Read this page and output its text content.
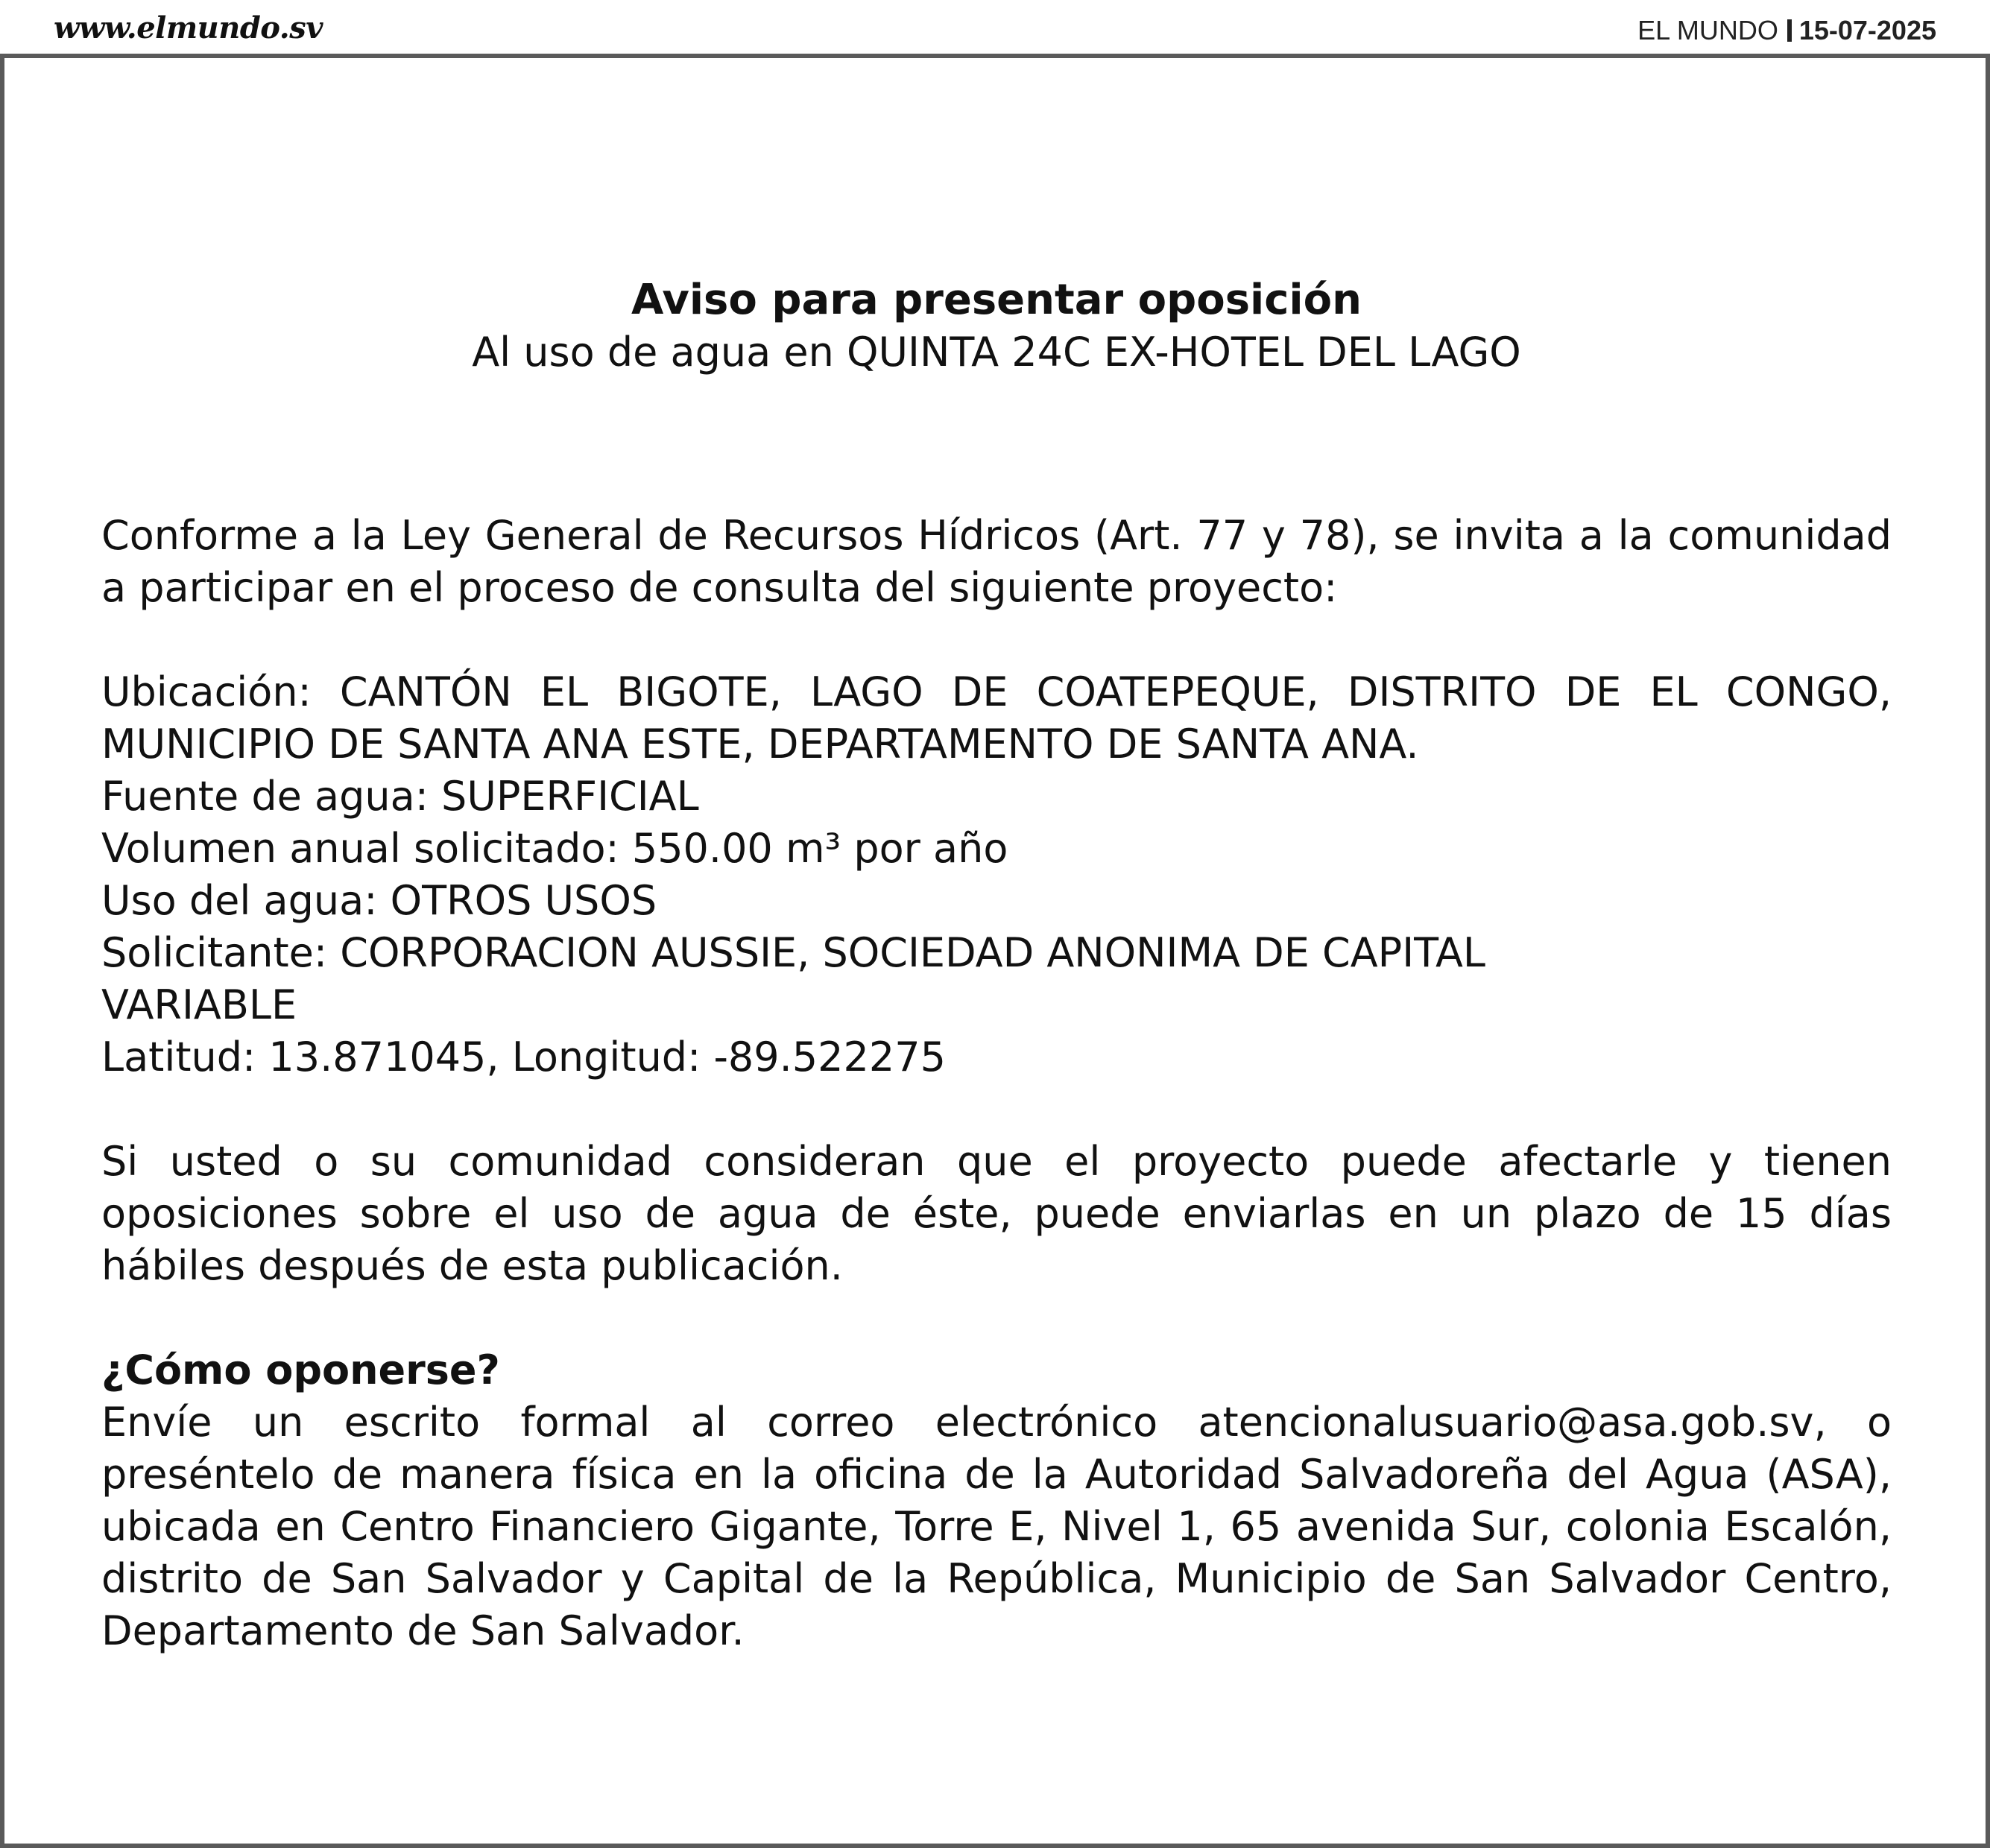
www.elmundo.sv	EL MUNDO 15-07-2025

Aviso para presentar oposición

Al uso de agua en QUINTA 24C EX-HOTEL DEL LAGO

Conforme a la Ley General de Recursos Hídricos (Art. 77 y 78), se invita a la comunidad a participar en el proceso de consulta del siguiente proyecto:

Ubicación: CANTÓN EL BIGOTE, LAGO DE COATEPEQUE, DISTRITO DE EL CONGO, MUNICIPIO DE SANTA ANA ESTE, DEPARTAMENTO DE SANTA ANA.

Fuente de agua: SUPERFICIAL

Volumen anual solicitado: 550.00 m³ por año

Uso del agua: OTROS USOS

Solicitante: CORPORACION AUSSIE, SOCIEDAD ANONIMA DE CAPITAL

VARIABLE

Latitud: 13.871045, Longitud: -89.522275

Si usted o su comunidad consideran que el proyecto puede afectarle y tienen oposiciones sobre el uso de agua de éste, puede enviarlas en un plazo de 15 días hábiles después de esta publicación.

¿Cómo oponerse?

Envíe un escrito formal al correo electrónico atencionalusuario@asa.gob.sv, o preséntelo de manera física en la oficina de la Autoridad Salvadoreña del Agua (ASA), ubicada en Centro Financiero Gigante, Torre E, Nivel 1, 65 avenida Sur, colonia Escalón, distrito de San Salvador y Capital de la República, Municipio de San Salvador Centro, Departamento de San Salvador.
